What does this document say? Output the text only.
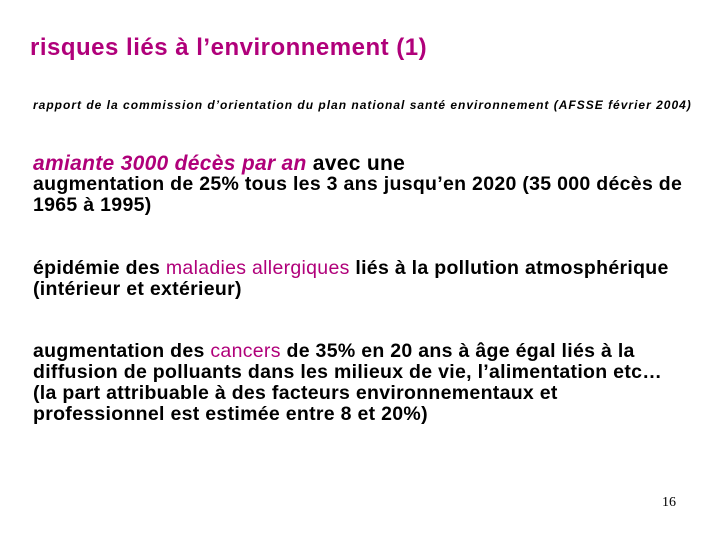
risques liés à l’environnement (1)
rapport de la commission d’orientation du plan national santé environnement (AFSSE février 2004)
amiante 3000 décès par an avec une
augmentation de 25% tous les 3 ans jusqu’en 2020 (35 000 décès de 1965 à 1995)
épidémie des maladies allergiques liés à la pollution atmosphérique (intérieur et extérieur)
augmentation des cancers de 35% en 20 ans à âge égal liés à la diffusion de polluants dans les milieux de vie, l’alimentation etc… (la part attribuable à des facteurs environnementaux et professionnel est estimée entre 8 et 20%)
16
